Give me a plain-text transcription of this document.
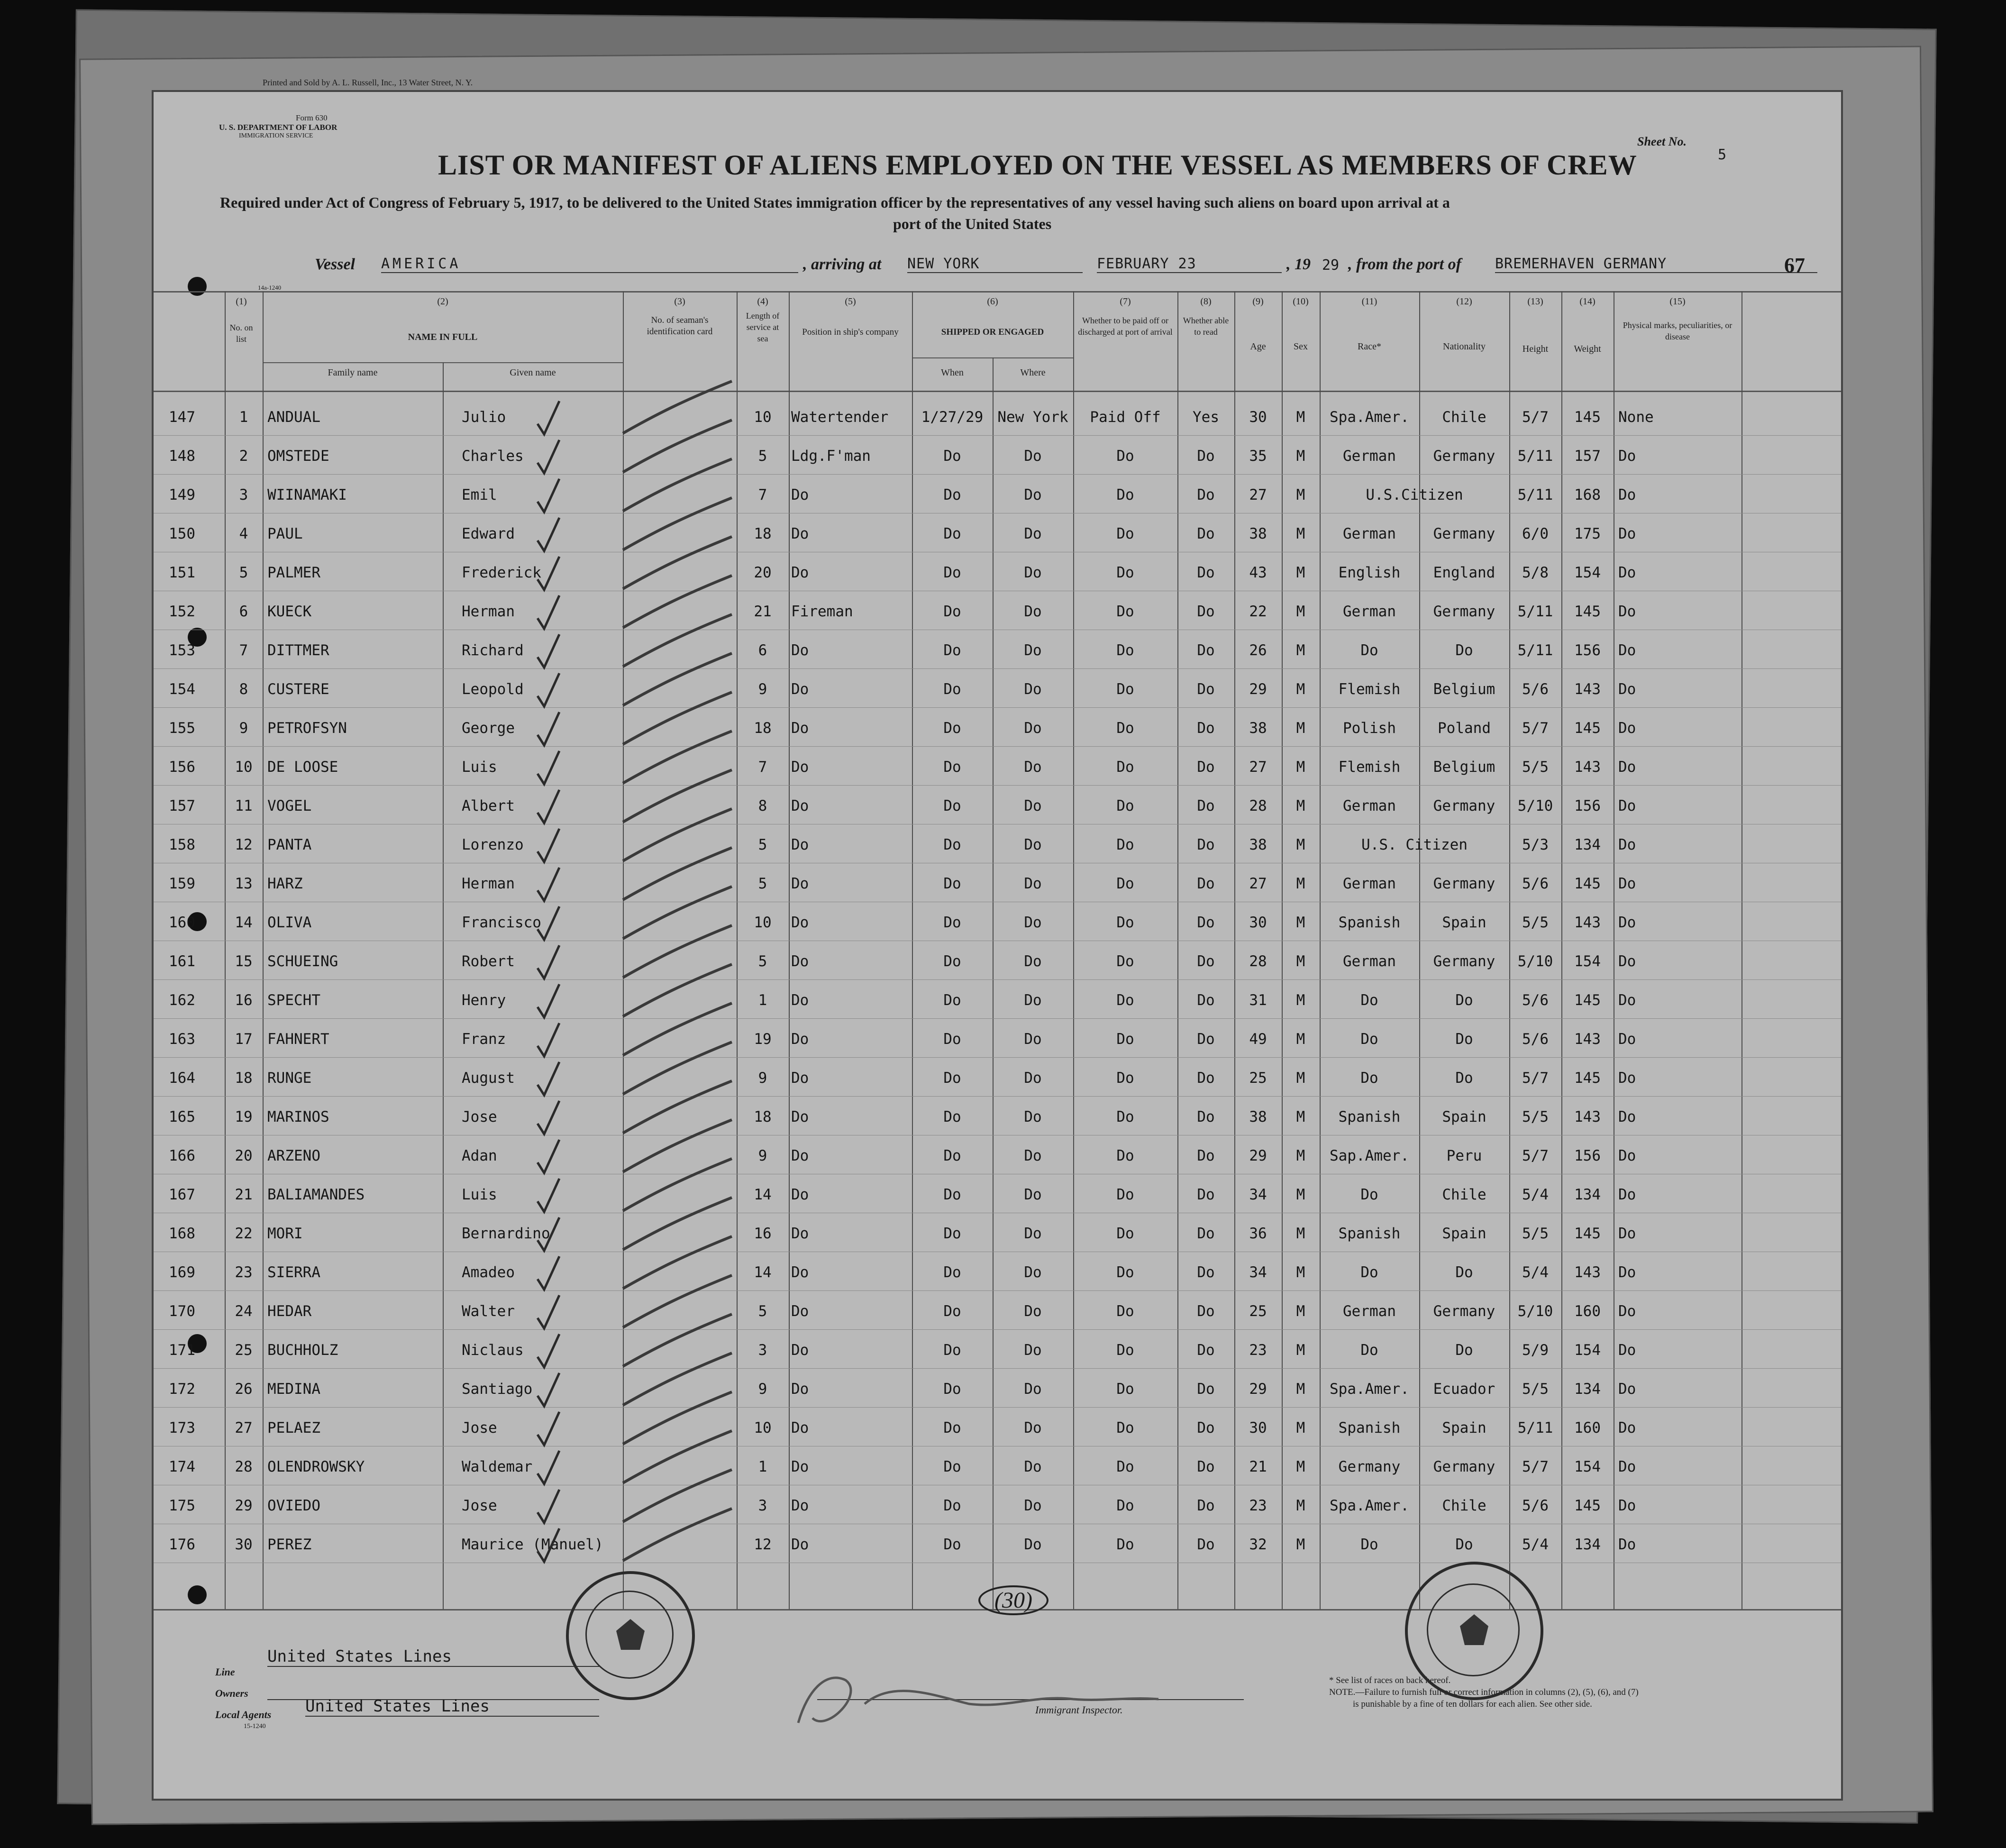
Printed and Sold by A. L. Russell, Inc., 13 Water Street, N. Y.
Form 630
U. S. DEPARTMENT OF LABOR
IMMIGRATION SERVICE	Sheet No.
5
LIST OR MANIFEST OF ALIENS EMPLOYED ON THE VESSEL AS MEMBERS OF CREW
Required under Act of Congress of February 5, 1917, to be delivered to the United States immigration officer by the representatives of any vessel having such aliens on board upon arrival at a
port of the United States
Vessel AMERICA	, arriving at NEW YORK	FEBRUARY 23	, 19 29 , from the port of BREMERHAVEN GERMANY	67
14a-1240
(1)	(2)	(3)	(4)	(5)	(6)	(7)	(8)	(9)	(10)	(11)	(12)	(13)	(14)	(15)
No. on list	NAME IN FULL
Family name	Given name
No. of seaman's identification card
Length of service at sea
Position in ship's company	SHIPPED OR ENGAGED
When	Where
Whether to be paid off or discharged at port of arrival
Whether able to read
Age	Sex	Race*	Nationality	Height	Weight
Physical marks, peculiarities, or disease
147	1	ANDUAL	Julio	10	Watertender	1/27/29 New York	Paid Off	Yes	30	M	Spa.Amer.	Chile	5/7	145	None
148	2	OMSTEDE	Charles	5	Ldg.F'man	Do	Do	Do	Do	35	M	German	Germany	5/11	157	Do
149	3	WIINAMAKI	Emil	7	Do	Do	Do	Do	Do	27	M	U.S.Citizen	5/11	168	Do
150	4	PAUL	Edward	18	Do	Do	Do	Do	Do	38	M	German	Germany	6/0	175	Do
151	5	PALMER	Frederick	20	Do	Do	Do	Do	Do	43	M	English	England	5/8	154	Do
152	6	KUECK	Herman	21	Fireman	Do	Do	Do	Do	22	M	German	Germany	5/11	145	Do
153	7	DITTMER	Richard	6	Do	Do	Do	Do	Do	26	M	Do	Do	5/11	156	Do
154	8	CUSTERE	Leopold	9	Do	Do	Do	Do	Do	29	M	Flemish	Belgium	5/6	143	Do
155	9	PETROFSYN	George	18	Do	Do	Do	Do	Do	38	M	Polish	Poland	5/7	145	Do
156	10	DE LOOSE	Luis	7	Do	Do	Do	Do	Do	27	M	Flemish	Belgium	5/5	143	Do
157	11	VOGEL	Albert	8	Do	Do	Do	Do	Do	28	M	German	Germany	5/10	156	Do
158	12	PANTA	Lorenzo	5	Do	Do	Do	Do	Do	38	M	U.S. Citizen	5/3	134	Do
159	13	HARZ	Herman	5	Do	Do	Do	Do	Do	27	M	German	Germany	5/6	145	Do
160	14	OLIVA	Francisco	10	Do	Do	Do	Do	Do	30	M	Spanish	Spain	5/5	143	Do
161	15	SCHUEING	Robert	5	Do	Do	Do	Do	Do	28	M	German	Germany	5/10	154	Do
162	16	SPECHT	Henry	1	Do	Do	Do	Do	Do	31	M	Do	Do	5/6	145	Do
163	17	FAHNERT	Franz	19	Do	Do	Do	Do	Do	49	M	Do	Do	5/6	143	Do
164	18	RUNGE	August	9	Do	Do	Do	Do	Do	25	M	Do	Do	5/7	145	Do
165	19	MARINOS	Jose	18	Do	Do	Do	Do	Do	38	M	Spanish	Spain	5/5	143	Do
166	20	ARZENO	Adan	9	Do	Do	Do	Do	Do	29	M	Sap.Amer.	Peru	5/7	156	Do
167	21	BALIAMANDES	Luis	14	Do	Do	Do	Do	Do	34	M	Do	Chile	5/4	134	Do
168	22	MORI	Bernardino	16	Do	Do	Do	Do	Do	36	M	Spanish	Spain	5/5	145	Do
169	23	SIERRA	Amadeo	14	Do	Do	Do	Do	Do	34	M	Do	Do	5/4	143	Do
170	24	HEDAR	Walter	5	Do	Do	Do	Do	Do	25	M	German	Germany	5/10	160	Do
171	25	BUCHHOLZ	Niclaus	3	Do	Do	Do	Do	Do	23	M	Do	Do	5/9	154	Do
172	26	MEDINA	Santiago	9	Do	Do	Do	Do	Do	29	M	Spa.Amer.	Ecuador	5/5	134	Do
173	27	PELAEZ	Jose	10	Do	Do	Do	Do	Do	30	M	Spanish	Spain	5/11	160	Do
174	28	OLENDROWSKY	Waldemar	1	Do	Do	Do	Do	Do	21	M	Germany	Germany	5/7	154	Do
175	29	OVIEDO	Jose	3	Do	Do	Do	Do	Do	23	M	Spa.Amer.	Chile	5/6	145	Do
176	30	PEREZ	Maurice (Manuel)	12	Do	Do	Do	Do	Do	32	M	Do	Do	5/4	134	Do
(30)
Line
United States Lines
Owners
Local Agents United States Lines
15-1240
Immigrant Inspector.
* See list of races on back hereof.
NOTE.—Failure to furnish full or correct information in columns (2), (5), (6), and (7)
is punishable by a fine of ten dollars for each alien. See other side.
